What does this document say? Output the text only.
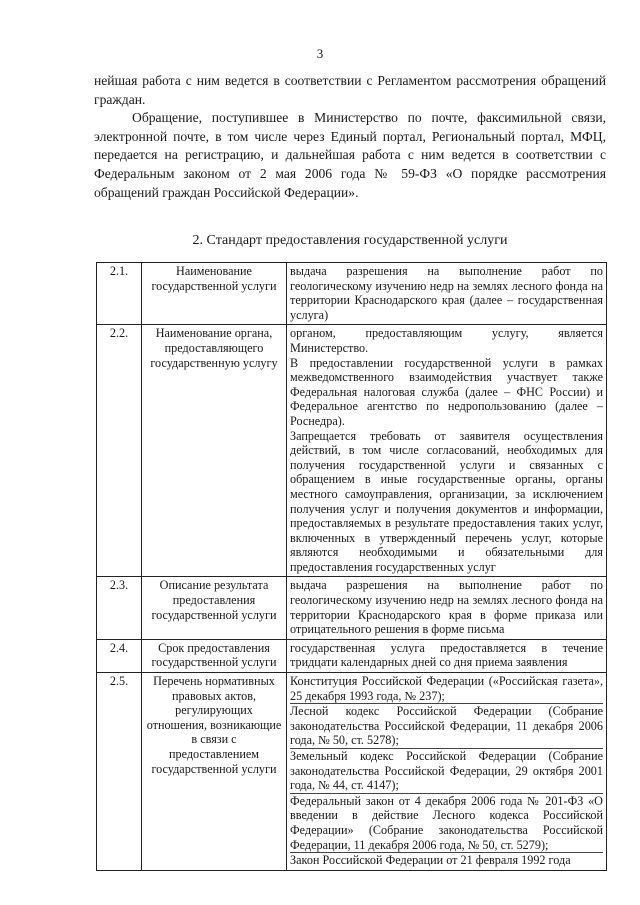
3

нейшая работа с ним ведется в соответствии с Регламентом рассмотрения обращений граждан.

Обращение, поступившее в Министерство по почте, факсимильной связи, электронной почте, в том числе через Единый портал, Региональный портал, МФЦ, передается на регистрацию, и дальнейшая работа с ним ведется в соответствии с Федеральным законом от 2 мая 2006 года № 59-ФЗ «О порядке рассмотрения обращений граждан Российской Федерации».

2. Стандарт предоставления государственной услуги
2.1.	Наименование государственной услуги	выдача разрешения на выполнение работ по геологическому изучению недр на землях лесного фонда на территории Краснодарского края (далее – государственная услуга)

2.2.	Наименование органа, предоставляющего государственную услугу	органом, предоставляющим услугу, является Министерство.

В предоставлении государственной услуги в рамках межведомственного взаимодействия участвует также Федеральная налоговая служба (далее – ФНС России) и Федеральное агентство по недропользованию (далее – Роснедра).

Запрещается требовать от заявителя осуществления действий, в том числе согласований, необходимых для получения государственной услуги и связанных с обращением в иные государственные органы, органы местного самоуправления, организации, за исключением получения услуг и получения документов и информации, предоставляемых в результате предоставления таких услуг, включенных в утвержденный перечень услуг, которые являются необходимыми и обязательными для предоставления государственных услуг

2.3.	Описание результата предоставления государственной услуги	выдача разрешения на выполнение работ по геологическому изучению недр на землях лесного фонда на территории Краснодарского края в форме приказа или отрицательного решения в форме письма

2.4.	Срок предоставления государственной услуги	государственная услуга предоставляется в течение тридцати календарных дней со дня приема заявления

2.5.	Перечень нормативных правовых актов, регулирующих отношения, возникающие в связи с предоставлением государственной услуги	Конституция Российской Федерации («Российская газета», 25 декабря 1993 года, № 237);

Лесной кодекс Российской Федерации (Собрание законодательства Российской Федерации, 11 декабря 2006 года, № 50, ст. 5278);

Земельный кодекс Российской Федерации (Собрание законодательства Российской Федерации, 29 октября 2001 года, № 44, ст. 4147);

Федеральный закон от 4 декабря 2006 года № 201-ФЗ «О введении в действие Лесного кодекса Российской Федерации» (Собрание законодательства Российской Федерации, 11 декабря 2006 года, № 50, ст. 5279);

Закон Российской Федерации от 21 февраля 1992 года
